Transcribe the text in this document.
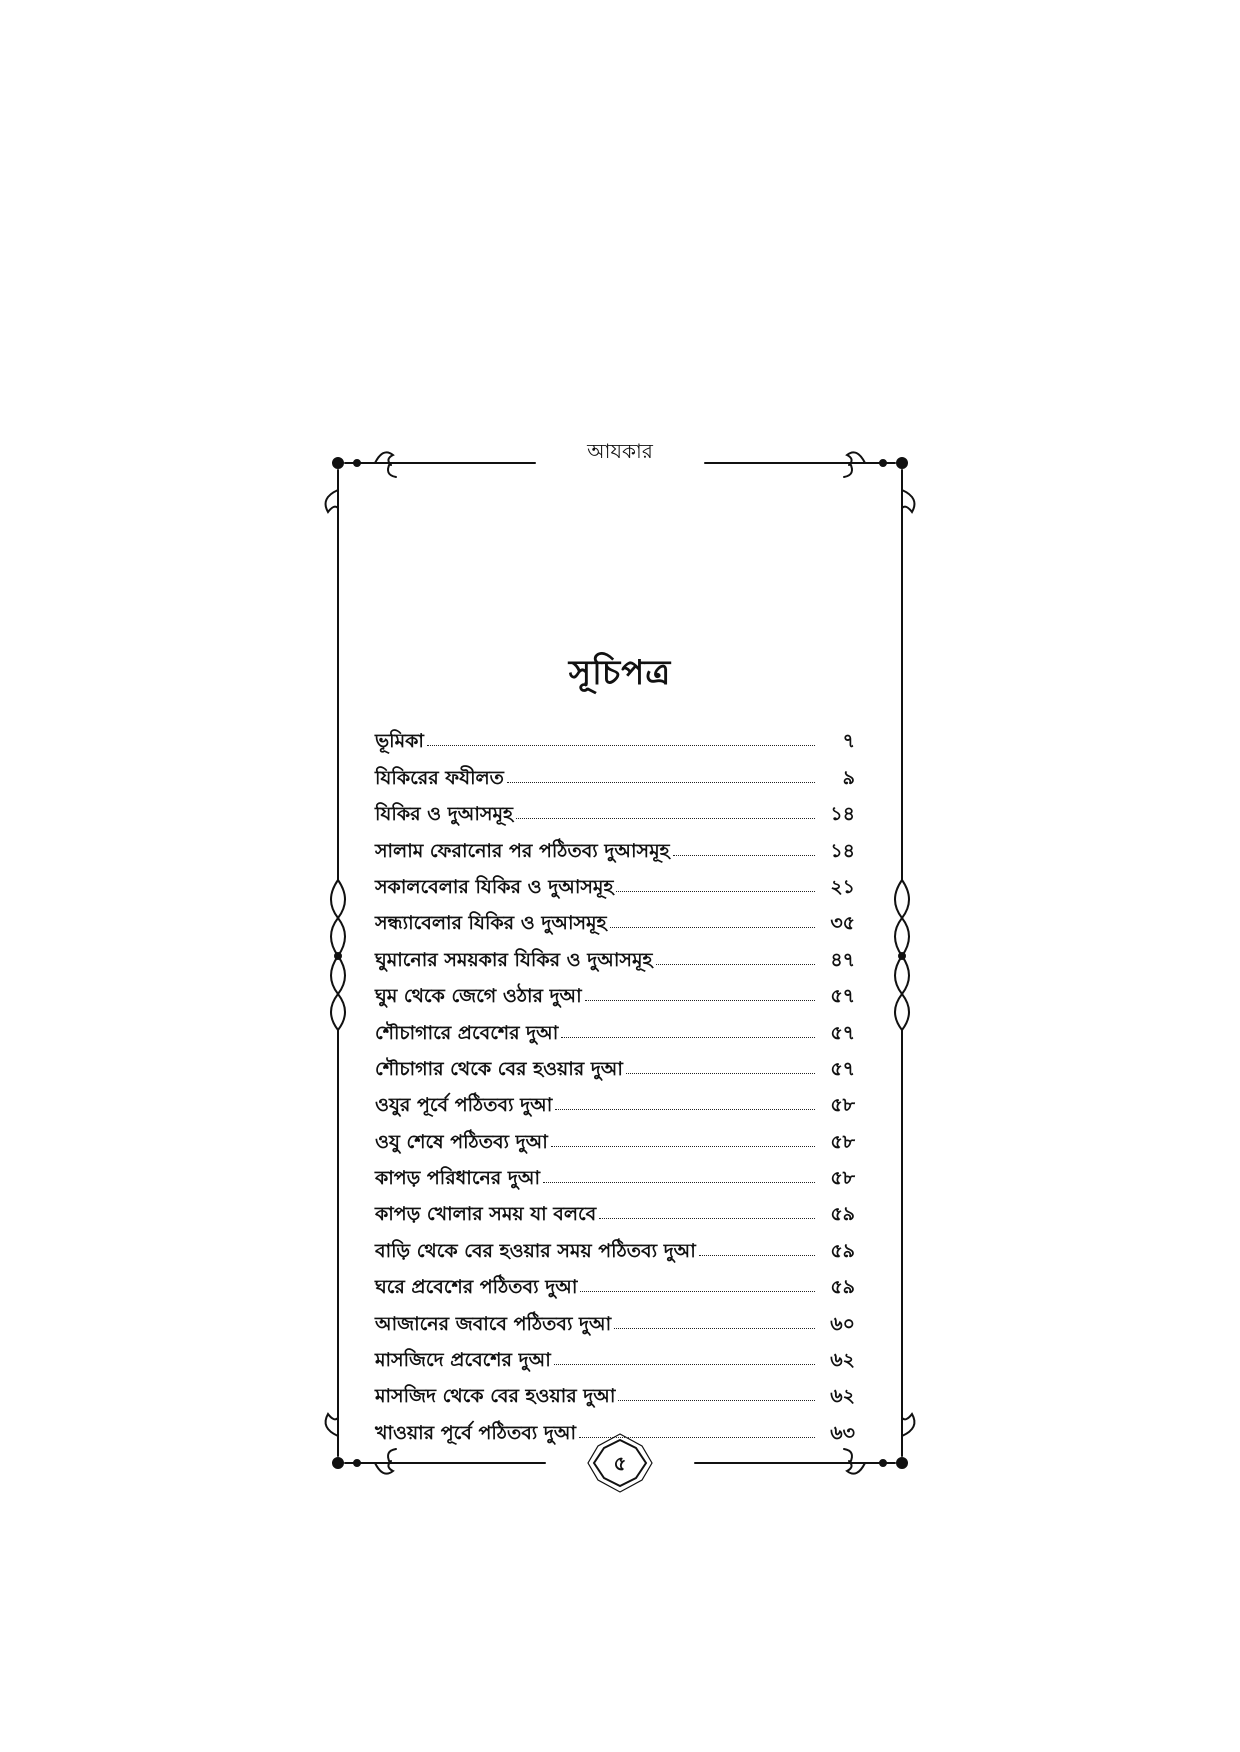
আযকার
সূচিপত্র
ভূমিকা	৭
যিকিরের ফযীলত	৯
যিকির ও দুআসমূহ	১৪
সালাম ফেরানোর পর পঠিতব্য দুআসমূহ	১৪
সকালবেলার যিকির ও দুআসমূহ	২১
সন্ধ্যাবেলার যিকির ও দুআসমূহ	৩৫
ঘুমানোর সময়কার যিকির ও দুআসমূহ	৪৭
ঘুম থেকে জেগে ওঠার দুআ	৫৭
শৌচাগারে প্রবেশের দুআ	৫৭
শৌচাগার থেকে বের হওয়ার দুআ	৫৭
ওযুর পূর্বে পঠিতব্য দুআ	৫৮
ওযু শেষে পঠিতব্য দুআ	৫৮
কাপড় পরিধানের দুআ	৫৮
কাপড় খোলার সময় যা বলবে	৫৯
বাড়ি থেকে বের হওয়ার সময় পঠিতব্য দুআ	৫৯
ঘরে প্রবেশের পঠিতব্য দুআ	৫৯
আজানের জবাবে পঠিতব্য দুআ	৬০
মাসজিদে প্রবেশের দুআ	৬২
মাসজিদ থেকে বের হওয়ার দুআ	৬২
খাওয়ার পূর্বে পঠিতব্য দুআ	৬৩
৫
